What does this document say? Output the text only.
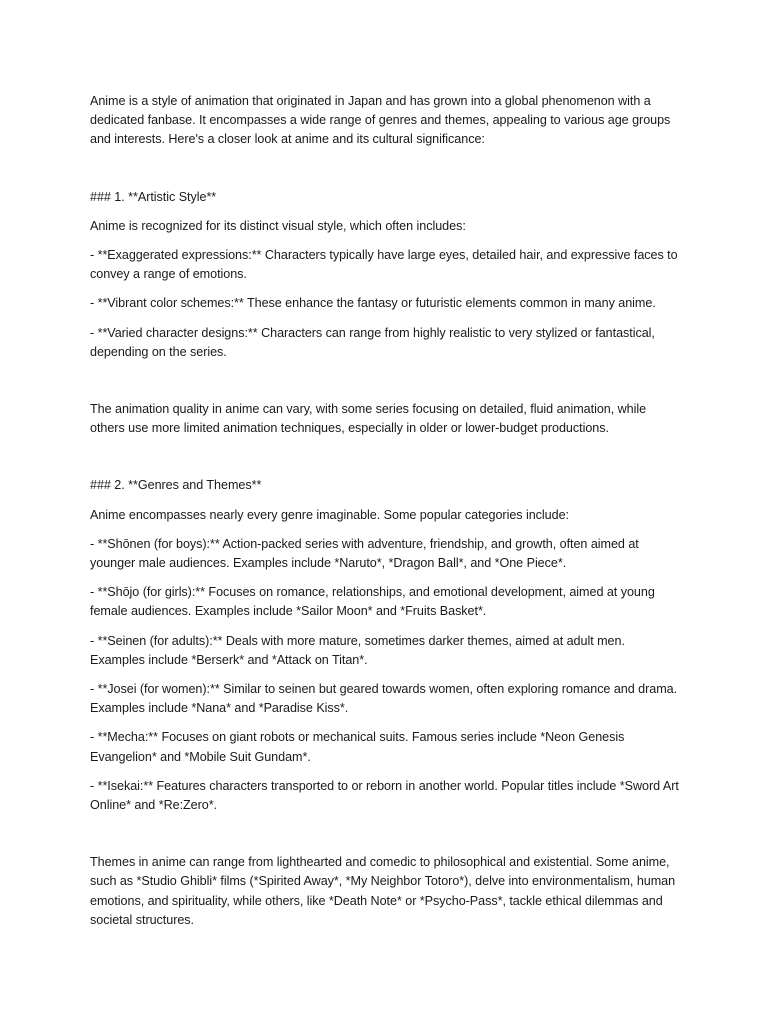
Anime is a style of animation that originated in Japan and has grown into a global phenomenon with a dedicated fanbase. It encompasses a wide range of genres and themes, appealing to various age groups and interests. Here's a closer look at anime and its cultural significance:

### 1. **Artistic Style**

Anime is recognized for its distinct visual style, which often includes:

- **Exaggerated expressions:** Characters typically have large eyes, detailed hair, and expressive faces to convey a range of emotions.

- **Vibrant color schemes:** These enhance the fantasy or futuristic elements common in many anime.

- **Varied character designs:** Characters can range from highly realistic to very stylized or fantastical, depending on the series.

The animation quality in anime can vary, with some series focusing on detailed, fluid animation, while others use more limited animation techniques, especially in older or lower-budget productions.

### 2. **Genres and Themes**

Anime encompasses nearly every genre imaginable. Some popular categories include:

- **Shōnen (for boys):** Action-packed series with adventure, friendship, and growth, often aimed at younger male audiences. Examples include *Naruto*, *Dragon Ball*, and *One Piece*.

- **Shōjo (for girls):** Focuses on romance, relationships, and emotional development, aimed at young female audiences. Examples include *Sailor Moon* and *Fruits Basket*.

- **Seinen (for adults):** Deals with more mature, sometimes darker themes, aimed at adult men. Examples include *Berserk* and *Attack on Titan*.

- **Josei (for women):** Similar to seinen but geared towards women, often exploring romance and drama. Examples include *Nana* and *Paradise Kiss*.

- **Mecha:** Focuses on giant robots or mechanical suits. Famous series include *Neon Genesis Evangelion* and *Mobile Suit Gundam*.

- **Isekai:** Features characters transported to or reborn in another world. Popular titles include *Sword Art Online* and *Re:Zero*.

Themes in anime can range from lighthearted and comedic to philosophical and existential. Some anime, such as *Studio Ghibli* films (*Spirited Away*, *My Neighbor Totoro*), delve into environmentalism, human emotions, and spirituality, while others, like *Death Note* or *Psycho-Pass*, tackle ethical dilemmas and societal structures.
